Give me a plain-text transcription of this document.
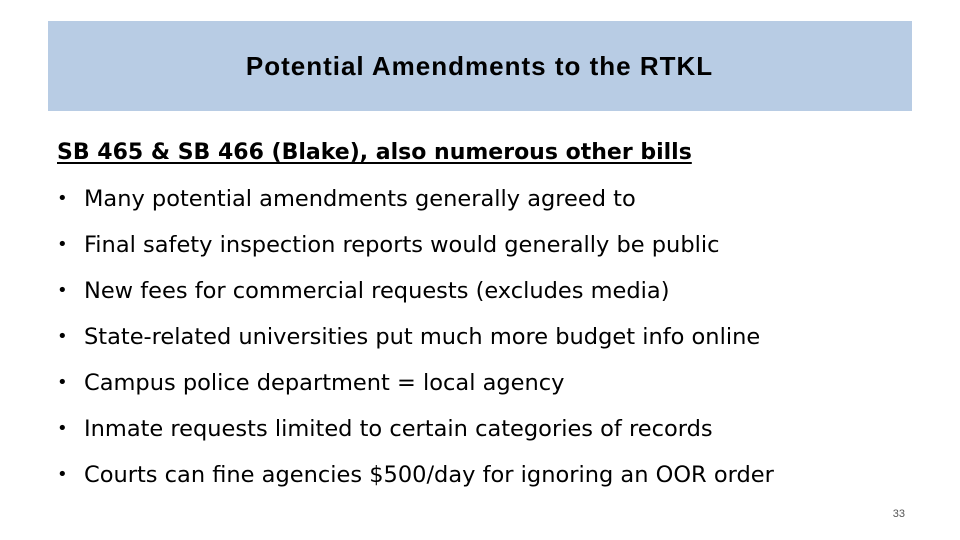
Potential Amendments to the RTKL
SB 465 & SB 466 (Blake), also numerous other bills
• Many potential amendments generally agreed to
• Final safety inspection reports would generally be public
• New fees for commercial requests (excludes media)
• State-related universities put much more budget info online
• Campus police department = local agency
• Inmate requests limited to certain categories of records
• Courts can fine agencies $500/day for ignoring an OOR order
33
